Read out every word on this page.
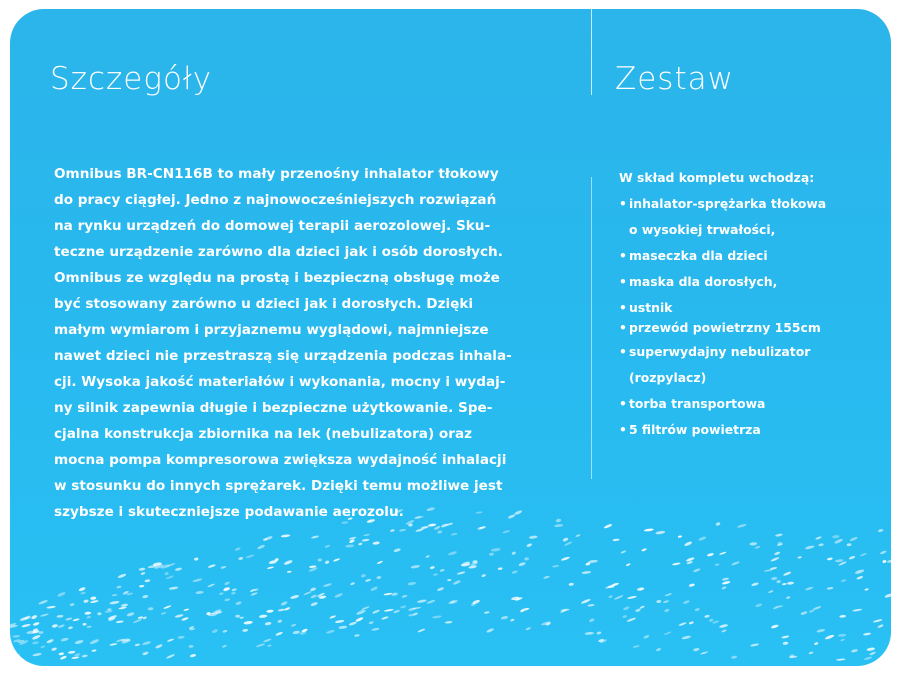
Szczegóły	Zestaw
Omnibus BR-CN116B to mały przenośny inhalator tłokowy
do pracy ciągłej. Jedno z najnowocześniejszych rozwiązań
na rynku urządzeń do domowej terapii aerozolowej. Sku-
teczne urządzenie zarówno dla dzieci jak i osób dorosłych.
Omnibus ze względu na prostą i bezpieczną obsługę może
być stosowany zarówno u dzieci jak i dorosłych. Dzięki
małym wymiarom i przyjaznemu wyglądowi, najmniejsze
nawet dzieci nie przestraszą się urządzenia podczas inhala-
cji. Wysoka jakość materiałów i wykonania, mocny i wydaj-
ny silnik zapewnia długie i bezpieczne użytkowanie. Spe-
cjalna konstrukcja zbiornika na lek (nebulizatora) oraz
mocna pompa kompresorowa zwiększa wydajność inhalacji
w stosunku do innych sprężarek. Dzięki temu możliwe jest
szybsze i skuteczniejsze podawanie aerozolu.
W skład kompletu wchodzą:
• inhalator-sprężarka tłokowa
o wysokiej trwałości,
• maseczka dla dzieci
• maska dla dorosłych,
• ustnik
• przewód powietrzny 155cm
• superwydajny nebulizator
(rozpylacz)
• torba transportowa
• 5 filtrów powietrza
